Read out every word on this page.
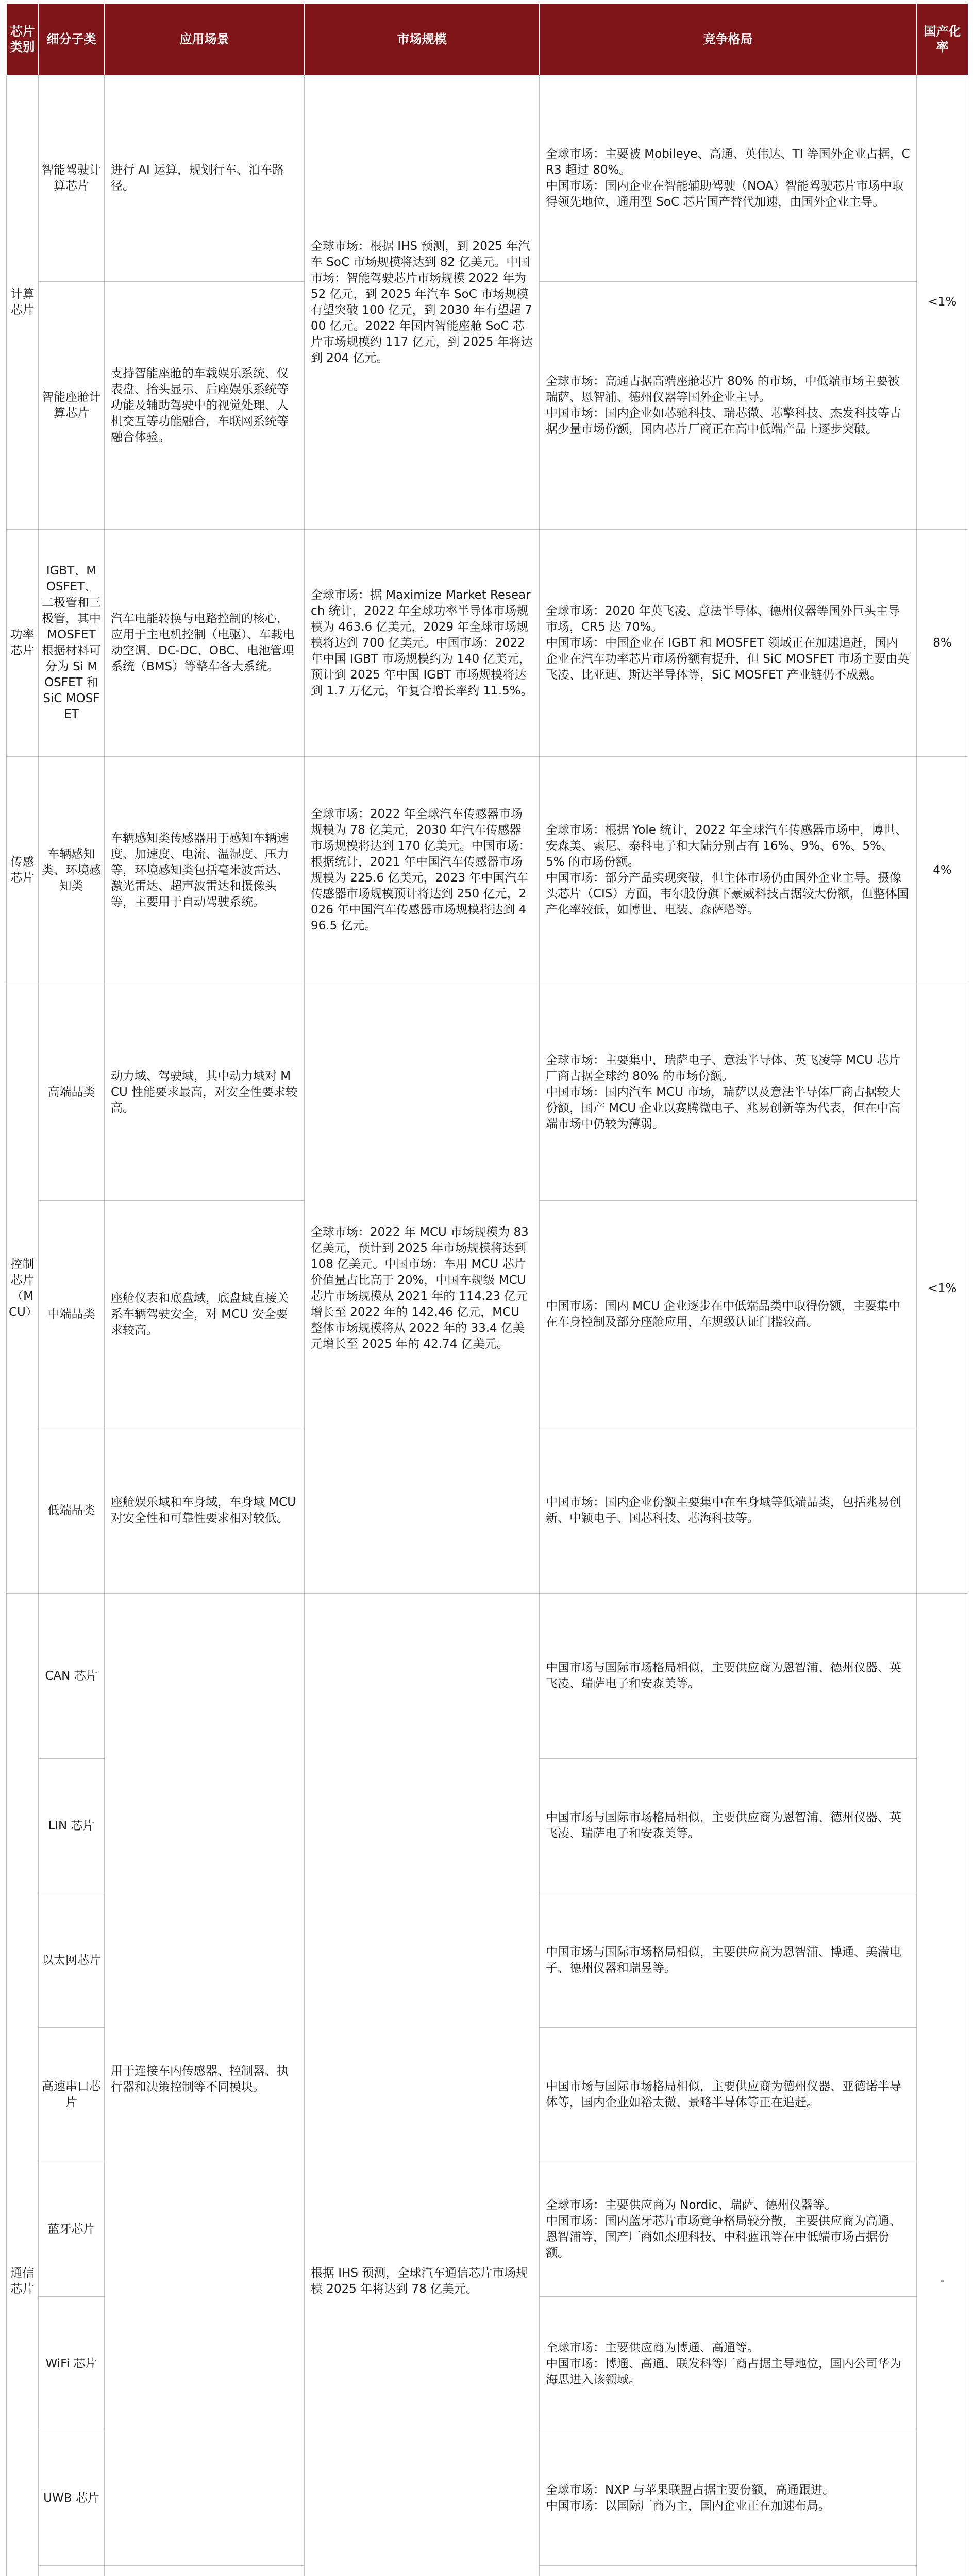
芯片类别	细分子类	应用场景	市场规模	竞争格局	国产化率
计算芯片	智能驾驶计算芯片	进行 AI 运算，规划行车、泊车路径。	全球市场：根据 IHS 预测，到 2025 年汽车 SoC 市场规模将达到 82 亿美元。中国市场：智能驾驶芯片市场规模 2022 年为 52 亿元，到 2025 年汽车 SoC 市场规模有望突破 100 亿元，到 2030 年有望超 700 亿元。2022 年国内智能座舱 SoC 芯片市场规模约 117 亿元，到 2025 年将达到 204 亿元。	全球市场：主要被 Mobileye、高通、英伟达、TI 等国外企业占据，CR3 超过 80%。
中国市场：国内企业在智能辅助驾驶（NOA）智能驾驶芯片市场中取得领先地位，通用型 SoC 芯片国产替代加速，由国外企业主导。	<1%
	智能座舱计算芯片	支持智能座舱的车载娱乐系统、仪表盘、抬头显示、后座娱乐系统等功能及辅助驾驶中的视觉处理、人机交互等功能融合，车联网系统等融合体验。		全球市场：高通占据高端座舱芯片 80% 的市场，中低端市场主要被瑞萨、恩智浦、德州仪器等国外企业主导。
中国市场：国内企业如芯驰科技、瑞芯微、芯擎科技、杰发科技等占据少量市场份额，国内芯片厂商正在高中低端产品上逐步突破。	

功率芯片	IGBT、MOSFET、二极管和三极管，其中 MOSFET 根据材料可分为 Si MOSFET 和 SiC MOSFET	汽车电能转换与电路控制的核心，应用于主电机控制（电驱）、车载电动空调、DC-DC、OBC、电池管理系统（BMS）等整车各大系统。	全球市场：据 Maximize Market Research 统计，2022 年全球功率半导体市场规模为 463.6 亿美元，2029 年全球市场规模将达到 700 亿美元。中国市场：2022 年中国 IGBT 市场规模约为 140 亿美元，预计到 2025 年中国 IGBT 市场规模将达到 1.7 万亿元，年复合增长率约 11.5%。	全球市场：2020 年英飞凌、意法半导体、德州仪器等国外巨头主导市场，CR5 达 70%。
中国市场：中国企业在 IGBT 和 MOSFET 领域正在加速追赶，国内企业在汽车功率芯片市场份额有提升，但 SiC MOSFET 市场主要由英飞凌、比亚迪、斯达半导体等，SiC MOSFET 产业链仍不成熟。	8%
传感芯片	车辆感知类、环境感知类	车辆感知类传感器用于感知车辆速度、加速度、电流、温湿度、压力等，环境感知类包括毫米波雷达、激光雷达、超声波雷达和摄像头等，主要用于自动驾驶系统。	全球市场：2022 年全球汽车传感器市场规模为 78 亿美元，2030 年汽车传感器市场规模将达到 170 亿美元。中国市场：根据统计，2021 年中国汽车传感器市场规模为 225.6 亿美元，2023 年中国汽车传感器市场规模预计将达到 250 亿元，2026 年中国汽车传感器市场规模将达到 496.5 亿元。	全球市场：根据 Yole 统计，2022 年全球汽车传感器市场中，博世、安森美、索尼、泰科电子和大陆分别占有 16%、9%、6%、5%、5% 的市场份额。
中国市场：部分产品实现突破，但主体市场仍由国外企业主导。摄像头芯片（CIS）方面，韦尔股份旗下豪威科技占据较大份额，但整体国产化率较低，如博世、电装、森萨塔等。	4%
控制芯片（MCU）	高端品类	动力域、驾驶域，其中动力域对 MCU 性能要求最高，对安全性要求较高。	全球市场：2022 年 MCU 市场规模为 83 亿美元，预计到 2025 年市场规模将达到 108 亿美元。中国市场：车用 MCU 芯片价值量占比高于 20%，中国车规级 MCU 芯片市场规模从 2021 年的 114.23 亿元增长至 2022 年的 142.46 亿元，MCU 整体市场规模将从 2022 年的 33.4 亿美元增长至 2025 年的 42.74 亿美元。	全球市场：主要集中，瑞萨电子、意法半导体、英飞凌等 MCU 芯片厂商占据全球约 80% 的市场份额。
中国市场：国内汽车 MCU 市场，瑞萨以及意法半导体厂商占据较大份额，国产 MCU 企业以赛腾微电子、兆易创新等为代表，但在中高端市场中仍较为薄弱。	<1%
	中端品类	座舱仪表和底盘域，底盘域直接关系车辆驾驶安全，对 MCU 安全要求较高。		中国市场：国内 MCU 企业逐步在中低端品类中取得份额，主要集中在车身控制及部分座舱应用，车规级认证门槛较高。	

	低端品类	座舱娱乐域和车身域，车身域 MCU 对安全性和可靠性要求相对较低。		中国市场：国内企业份额主要集中在车身域等低端品类，包括兆易创新、中颖电子、国芯科技、芯海科技等。	

通信芯片	CAN 芯片	用于连接车内传感器、控制器、执行器和决策控制等不同模块。	根据 IHS 预测，全球汽车通信芯片市场规模 2025 年将达到 78 亿美元。	中国市场与国际市场格局相似，主要供应商为恩智浦、德州仪器、英飞凌、瑞萨电子和安森美等。	-
	LIN 芯片			中国市场与国际市场格局相似，主要供应商为恩智浦、德州仪器、英飞凌、瑞萨电子和安森美等。	

	以太网芯片			中国市场与国际市场格局相似，主要供应商为恩智浦、博通、美满电子、德州仪器和瑞昱等。	

	高速串口芯片			中国市场与国际市场格局相似，主要供应商为德州仪器、亚德诺半导体等，国内企业如裕太微、景略半导体等正在追赶。	

	蓝牙芯片			全球市场：主要供应商为 Nordic、瑞萨、德州仪器等。
中国市场：国内蓝牙芯片市场竞争格局较分散，主要供应商为高通、恩智浦等，国产厂商如杰理科技、中科蓝讯等在中低端市场占据份额。	

	WiFi 芯片			全球市场：主要供应商为博通、高通等。
中国市场：博通、高通、联发科等厂商占据主导地位，国内公司华为海思进入该领域。	

	UWB 芯片			全球市场：NXP 与苹果联盟占据主要份额，高通跟进。
中国市场：以国际厂商为主，国内企业正在加速布局。	
